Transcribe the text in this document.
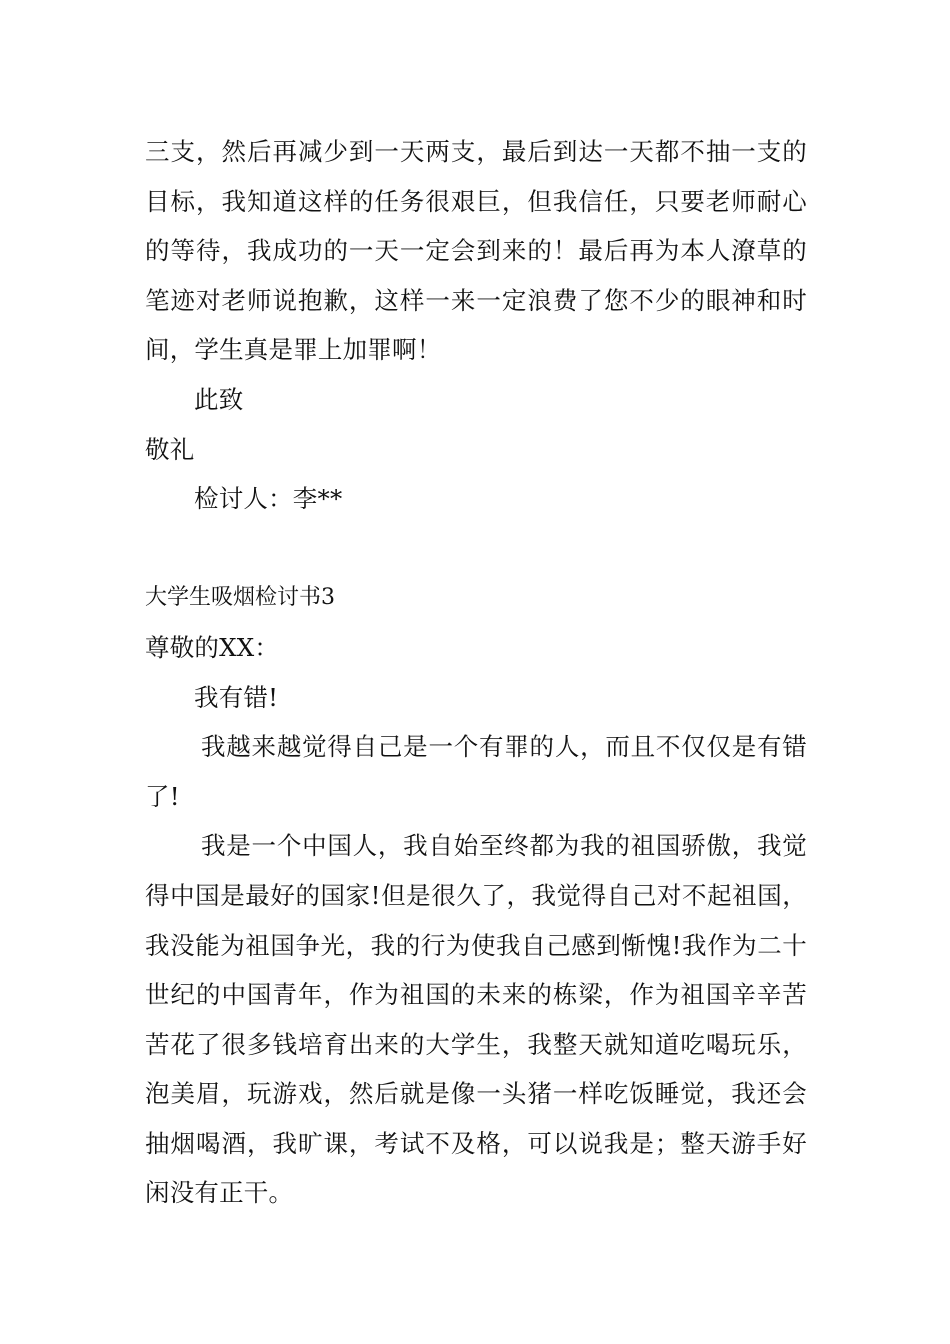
三支，然后再减少到一天两支，最后到达一天都不抽一支的目标，我知道这样的任务很艰巨，但我信任，只要老师耐心的等待，我成功的一天一定会到来的！最后再为本人潦草的笔迹对老师说抱歉，这样一来一定浪费了您不少的眼神和时间，学生真是罪上加罪啊！

此致

敬礼

检讨人：李**

大学生吸烟检讨书3

尊敬的XX：

我有错!

我越来越觉得自己是一个有罪的人，而且不仅仅是有错了!

我是一个中国人，我自始至终都为我的祖国骄傲，我觉得中国是最好的国家!但是很久了，我觉得自己对不起祖国，我没能为祖国争光，我的行为使我自己感到惭愧!我作为二十世纪的中国青年，作为祖国的未来的栋梁，作为祖国辛辛苦苦花了很多钱培育出来的大学生，我整天就知道吃喝玩乐，泡美眉，玩游戏，然后就是像一头猪一样吃饭睡觉，我还会抽烟喝酒，我旷课，考试不及格，可以说我是；整天游手好闲没有正干。
